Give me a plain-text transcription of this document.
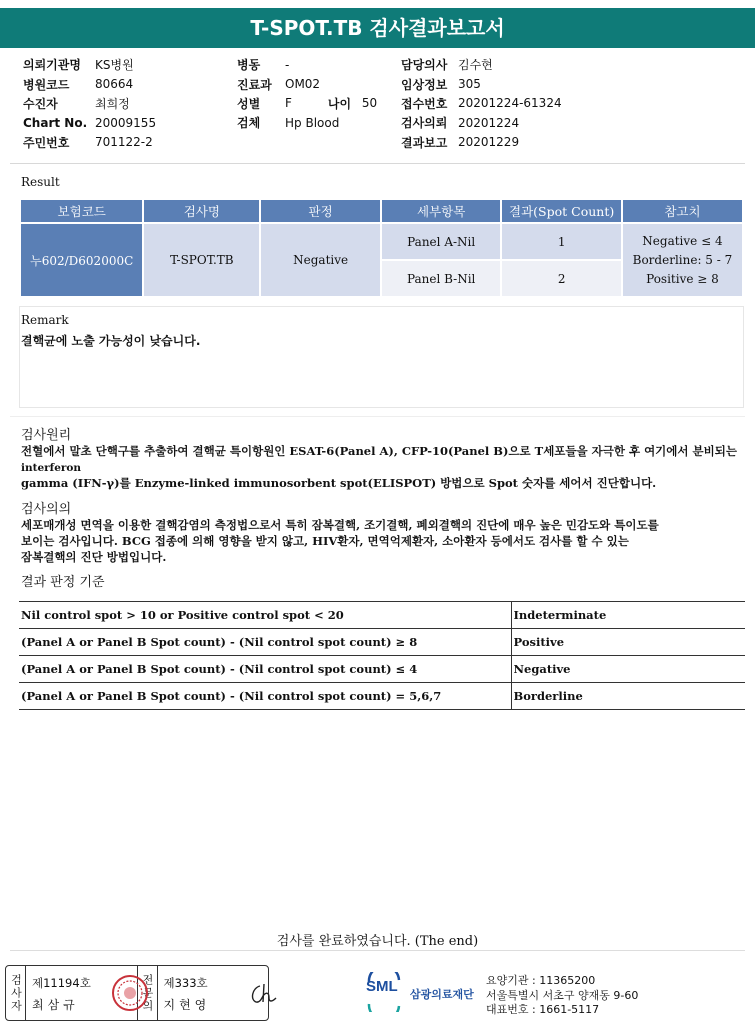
T-SPOT.TB 검사결과보고서
의뢰기관명	KS병원
병원코드	80664
수진자	최희정
Chart No. 20009155
주민번호	701122-2
병동	-
진료과	OM02
성별	F	나이 50
검체	Hp Blood
담당의사 김수현
임상정보 305
접수번호 20201224-61324
검사의뢰 20201224
결과보고 20201229
Result
보험코드	검사명	판정	세부항목	결과(Spot Count)	참고치
누602/D602000C	T-SPOT.TB	Negative	Panel A-Nil	1	Negative ≤ 4
Borderline: 5 - 7
Positive ≥ 8

			Panel B-Nil	2	
Remark
결핵균에 노출 가능성이 낮습니다.
검사원리
전혈에서 말초 단핵구를 추출하여 결핵균 특이항원인 ESAT-6(Panel A), CFP-10(Panel B)으로 T세포들을 자극한 후 여기에서 분비되는
interferon
gamma (IFN-γ)를 Enzyme-linked immunosorbent spot(ELISPOT) 방법으로 Spot 숫자를 세어서 진단합니다.
검사의의
세포매개성 면역을 이용한 결핵감염의 측정법으로서 특히 잠복결핵, 조기결핵, 폐외결핵의 진단에 매우 높은 민감도와 특이도를
보이는 검사입니다. BCG 접종에 의해 영향을 받지 않고, HIV환자, 면역억제환자, 소아환자 등에서도 검사를 할 수 있는
잠복결핵의 진단 방법입니다.
결과 판정 기준
Nil control spot > 10 or Positive control spot < 20	Indeterminate
(Panel A or Panel B Spot count) - (Nil control spot count) ≥ 8	Positive
(Panel A or Panel B Spot count) - (Nil control spot count) ≤ 4	Negative
(Panel A or Panel B Spot count) - (Nil control spot count) = 5,6,7	Borderline
검사를 완료하였습니다. (The end)
검사자 제11194호
최삼규	전문의 제333호
지현영
SML 삼광의료재단
요양기관 : 11365200
서울특별시 서초구 양재동 9-60
대표번호 : 1661-5117
